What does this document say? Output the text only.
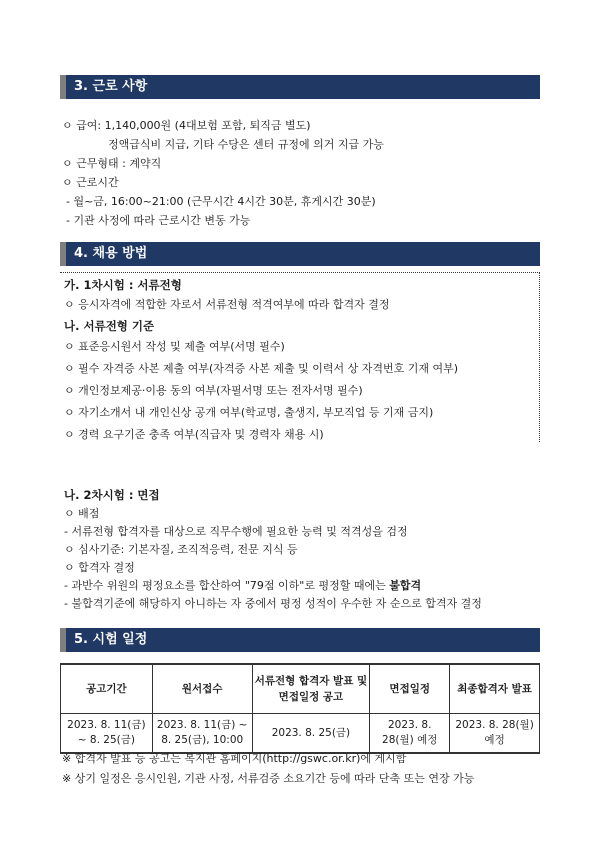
3. 근로 사항
ㅇ 급여: 1,140,000원 (4대보험 포함, 퇴직금 별도)
정액급식비 지급, 기타 수당은 센터 규정에 의거 지급 가능
ㅇ 근무형태 : 계약직
ㅇ 근로시간
- 월~금, 16:00~21:00 (근무시간 4시간 30분, 휴게시간 30분)
- 기관 사정에 따라 근로시간 변동 가능
4. 채용 방법
가. 1차시험 : 서류전형
ㅇ 응시자격에 적합한 자로서 서류전형 적격여부에 따라 합격자 결정
나. 서류전형 기준
ㅇ 표준응시원서 작성 및 제출 여부(서명 필수)
ㅇ 필수 자격증 사본 제출 여부(자격증 사본 제출 및 이력서 상 자격번호 기재 여부)
ㅇ 개인정보제공·이용 동의 여부(자필서명 또는 전자서명 필수)
ㅇ 자기소개서 내 개인신상 공개 여부(학교명, 출생지, 부모직업 등 기재 금지)
ㅇ 경력 요구기준 충족 여부(직급자 및 경력자 채용 시)
나. 2차시험 : 면접
ㅇ 배점
- 서류전형 합격자를 대상으로 직무수행에 필요한 능력 및 적격성을 검정
ㅇ 심사기준: 기본자질, 조직적응력, 전문 지식 등
ㅇ 합격자 결정
- 과반수 위원의 평정요소를 합산하여 "79점 이하"로 평정할 때에는 불합격
- 불합격기준에 해당하지 아니하는 자 중에서 평정 성적이 우수한 자 순으로 합격자 결정
5. 시험 일정
공고기간	원서접수	서류전형 합격자 발표 및 면접일정 공고	면접일정	최종합격자 발표
2023. 8. 11(금) ~ 8. 25(금)	2023. 8. 11(금) ~ 8. 25(금), 10:00	2023. 8. 25(금)	2023. 8. 28(월) 예정	2023. 8. 28(월) 예정
※ 합격자 발표 등 공고는 복지관 홈페이지(http://gswc.or.kr)에 게시함
※ 상기 일정은 응시인원, 기관 사정, 서류검증 소요기간 등에 따라 단축 또는 연장 가능
